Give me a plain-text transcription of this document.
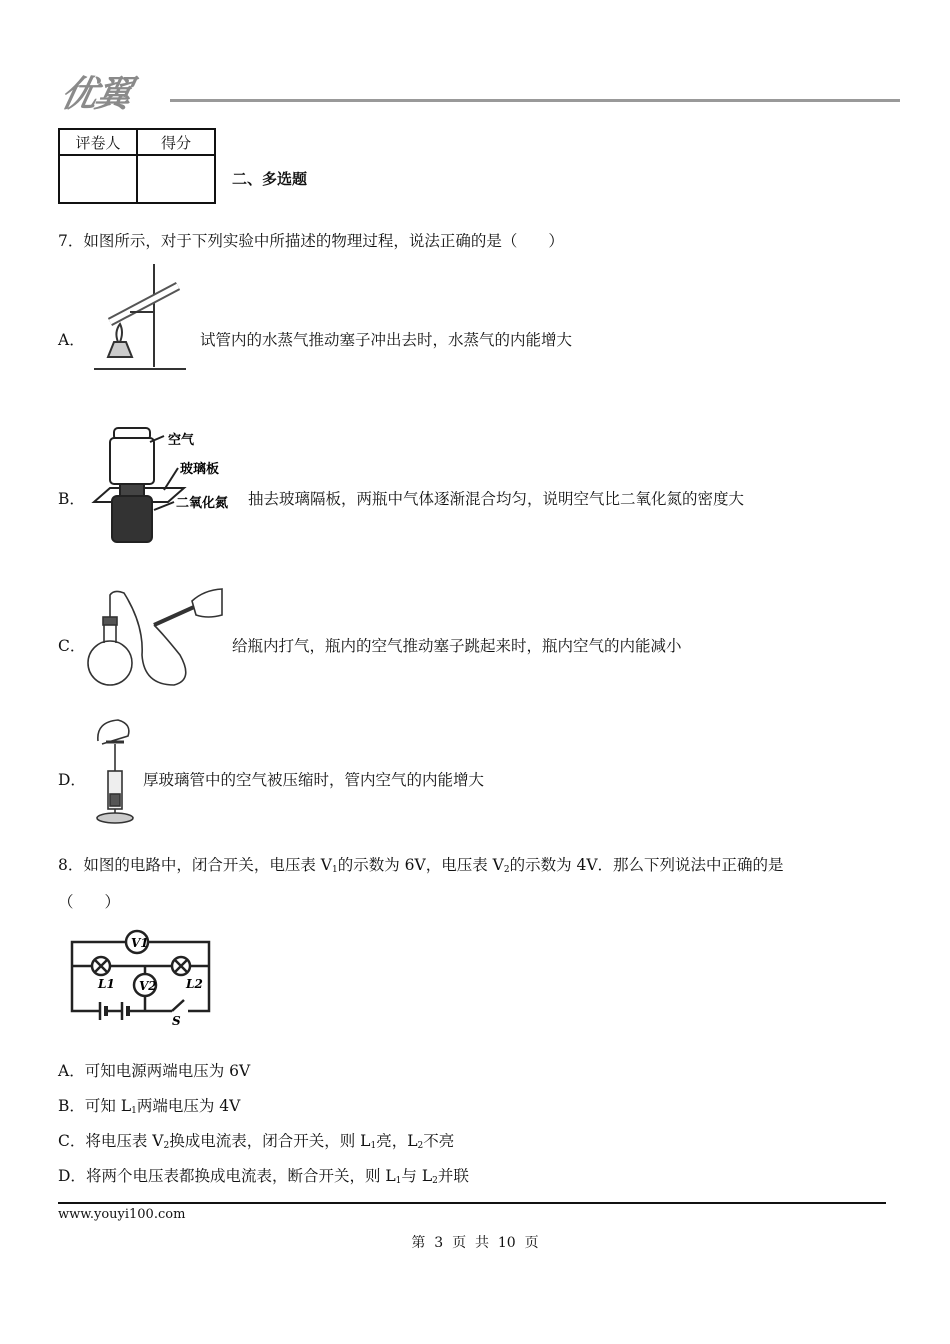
优翼
评卷人	得分

二、多选题
7．如图所示，对于下列实验中所描述的物理过程，说法正确的是（　　）
A．	试管内的水蒸气推动塞子冲出去时，水蒸气的内能增大
B．
空气
玻璃板
二氧化氮 抽去玻璃隔板，两瓶中气体逐渐混合均匀，说明空气比二氧化氮的密度大
C．	给瓶内打气，瓶内的空气推动塞子跳起来时，瓶内空气的内能减小
D．	厚玻璃管中的空气被压缩时，管内空气的内能增大
8．如图的电路中，闭合开关，电压表 $V_1$的示数为 6V，电压表 $V_2$的示数为 4V．那么下列说法中正确的是
（　　）
V1
V2
L1	L2
S
A．可知电源两端电压为 6V
B．可知 $L_1$两端电压为 4V
C．将电压表 $V_2$换成电流表，闭合开关，则 $L_1$亮，$L_2$不亮
D．将两个电压表都换成电流表，断合开关，则 $L_1$与 $L_2$并联
www.youyi100.com
第  3  页  共  10  页
